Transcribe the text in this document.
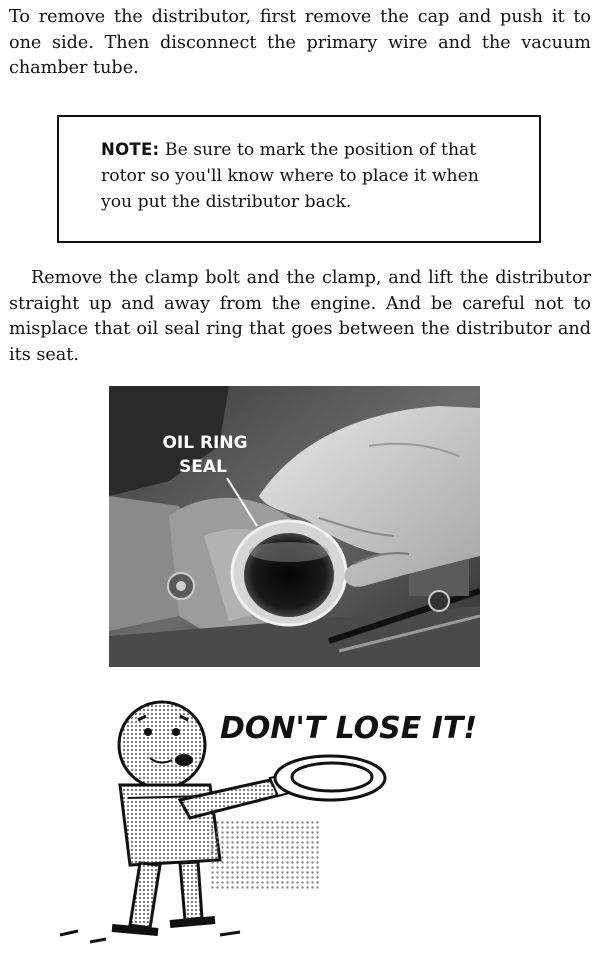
To remove the distributor, first remove the cap and push it to one side. Then disconnect the primary wire and the vacuum chamber tube.

NOTE: Be sure to mark the position of that rotor so you'll know where to place it when you put the distributor back.

Remove the clamp bolt and the clamp, and lift the distributor straight up and away from the engine. And be careful not to misplace that oil seal ring that goes between the distributor and its seat.

OIL RING
SEAL
DON'T LOSE IT!
